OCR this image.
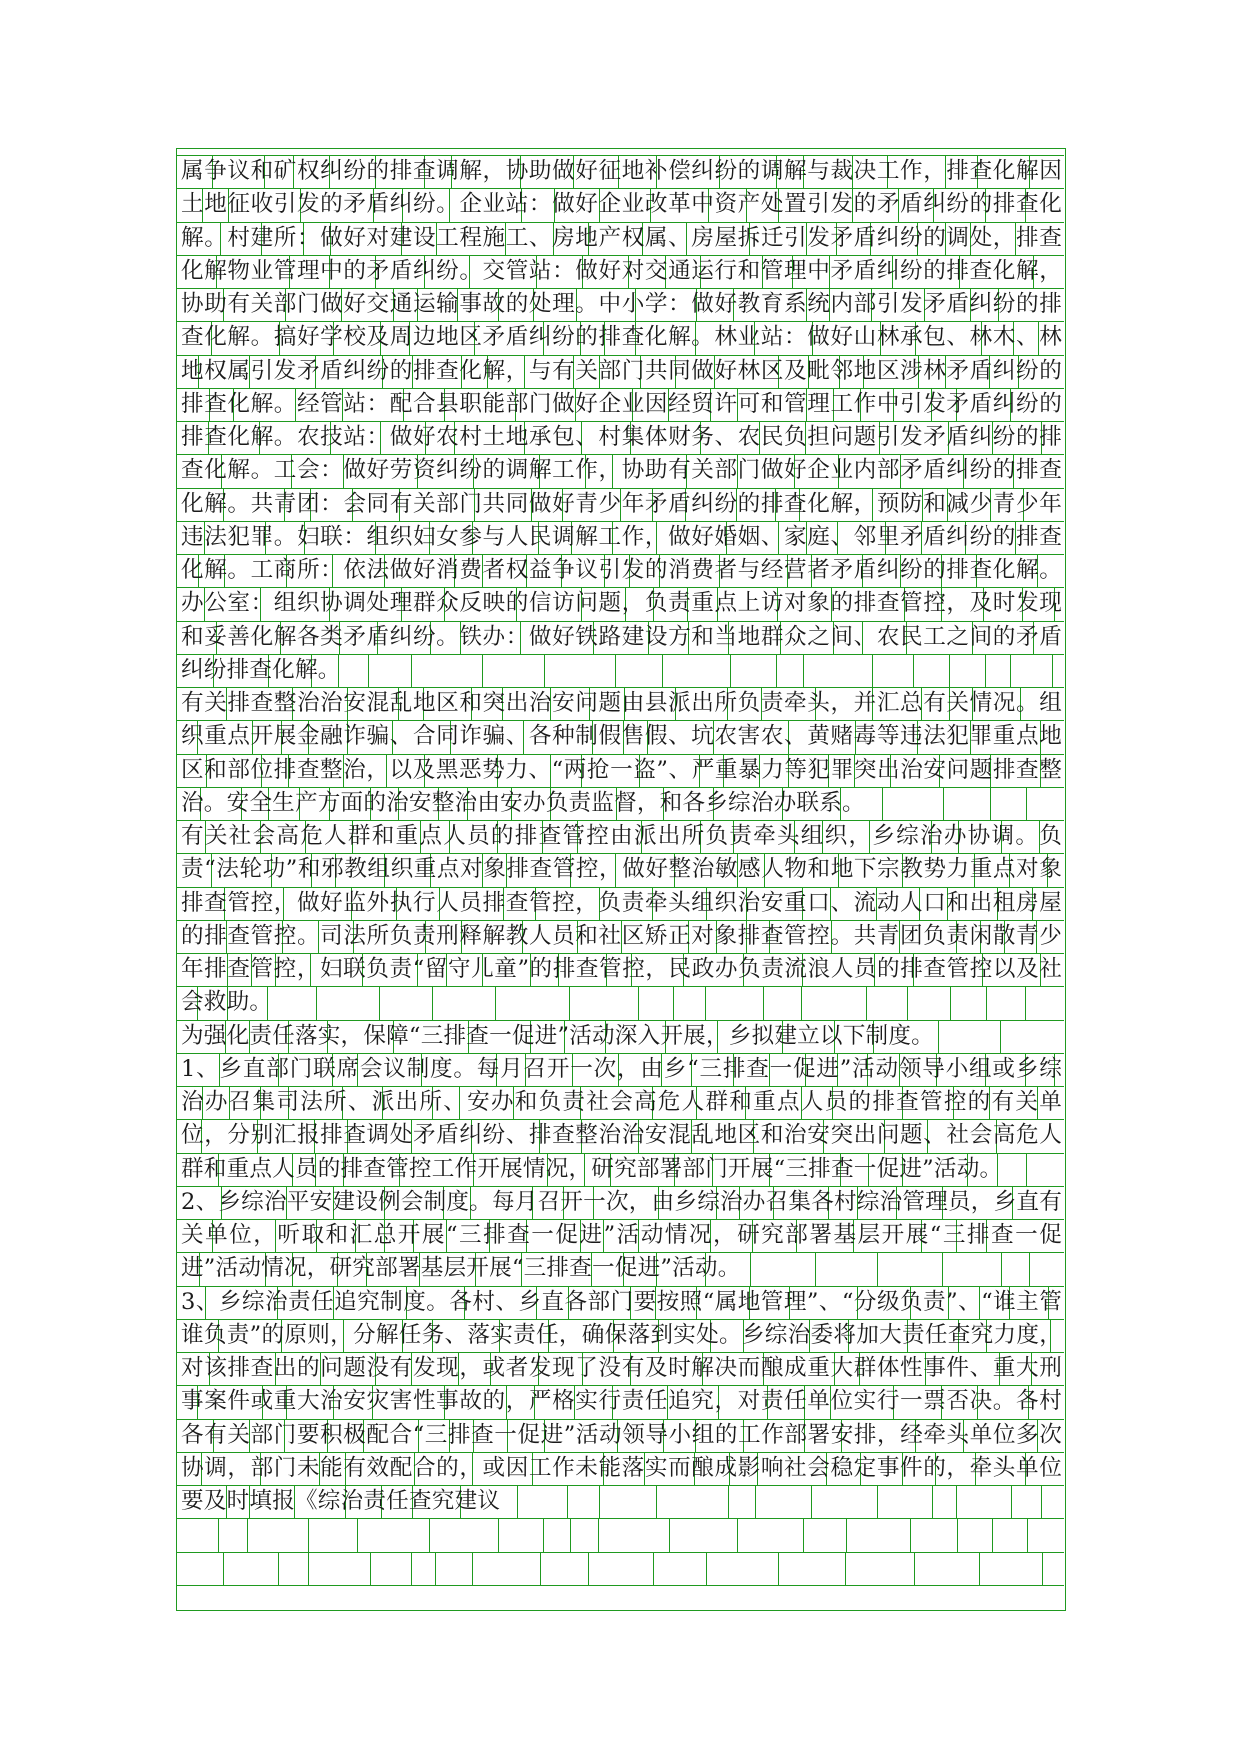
属争议和矿权纠纷的排查调解，协助做好征地补偿纠纷的调解与裁决工作，排查化解因土地征收引发的矛盾纠纷。企业站：做好企业改革中资产处置引发的矛盾纠纷的排查化解。村建所：做好对建设工程施工、房地产权属、房屋拆迁引发矛盾纠纷的调处，排查化解物业管理中的矛盾纠纷。交管站：做好对交通运行和管理中矛盾纠纷的排查化解，协助有关部门做好交通运输事故的处理。中小学：做好教育系统内部引发矛盾纠纷的排查化解。搞好学校及周边地区矛盾纠纷的排查化解。林业站：做好山林承包、林木、林地权属引发矛盾纠纷的排查化解，与有关部门共同做好林区及毗邻地区涉林矛盾纠纷的排查化解。经管站：配合县职能部门做好企业因经贸许可和管理工作中引发矛盾纠纷的排查化解。农技站：做好农村土地承包、村集体财务、农民负担问题引发矛盾纠纷的排查化解。工会：做好劳资纠纷的调解工作，协助有关部门做好企业内部矛盾纠纷的排查化解。共青团：会同有关部门共同做好青少年矛盾纠纷的排查化解，预防和减少青少年违法犯罪。妇联：组织妇女参与人民调解工作，做好婚姻、家庭、邻里矛盾纠纷的排查化解。工商所：依法做好消费者权益争议引发的消费者与经营者矛盾纠纷的排查化解。办公室：组织协调处理群众反映的信访问题，负责重点上访对象的排查管控，及时发现和妥善化解各类矛盾纠纷。铁办：做好铁路建设方和当地群众之间、农民工之间的矛盾纠纷排查化解。

有关排查整治治安混乱地区和突出治安问题由县派出所负责牵头，并汇总有关情况。组织重点开展金融诈骗、合同诈骗、各种制假售假、坑农害农、黄赌毒等违法犯罪重点地区和部位排查整治，以及黑恶势力、“两抢一盗”、严重暴力等犯罪突出治安问题排查整治。安全生产方面的治安整治由安办负责监督，和各乡综治办联系。

有关社会高危人群和重点人员的排查管控由派出所负责牵头组织，乡综治办协调。负责“法轮功”和邪教组织重点对象排查管控，做好整治敏感人物和地下宗教势力重点对象排查管控，做好监外执行人员排查管控，负责牵头组织治安重口、流动人口和出租房屋的排查管控。司法所负责刑释解教人员和社区矫正对象排查管控。共青团负责闲散青少年排查管控，妇联负责“留守儿童”的排查管控，民政办负责流浪人员的排查管控以及社会救助。

为强化责任落实，保障“三排查一促进”活动深入开展，乡拟建立以下制度。

1、乡直部门联席会议制度。每月召开一次，由乡“三排查一促进”活动领导小组或乡综治办召集司法所、派出所、安办和负责社会高危人群和重点人员的排查管控的有关单位，分别汇报排查调处矛盾纠纷、排查整治治安混乱地区和治安突出问题、社会高危人群和重点人员的排查管控工作开展情况，研究部署部门开展“三排查一促进”活动。

2、乡综治平安建设例会制度。每月召开一次，由乡综治办召集各村综治管理员，乡直有关单位，听取和汇总开展“三排查一促进”活动情况，研究部署基层开展“三排查一促进”活动情况，研究部署基层开展“三排查一促进”活动。

3、乡综治责任追究制度。各村、乡直各部门要按照“属地管理”、“分级负责”、“谁主管谁负责”的原则，分解任务、落实责任，确保落到实处。乡综治委将加大责任查究力度，对该排查出的问题没有发现，或者发现了没有及时解决而酿成重大群体性事件、重大刑事案件或重大治安灾害性事故的，严格实行责任追究，对责任单位实行一票否决。各村各有关部门要积极配合“三排查一促进”活动领导小组的工作部署安排，经牵头单位多次协调，部门未能有效配合的，或因工作未能落实而酿成影响社会稳定事件的，牵头单位要及时填报《综治责任查究建议
